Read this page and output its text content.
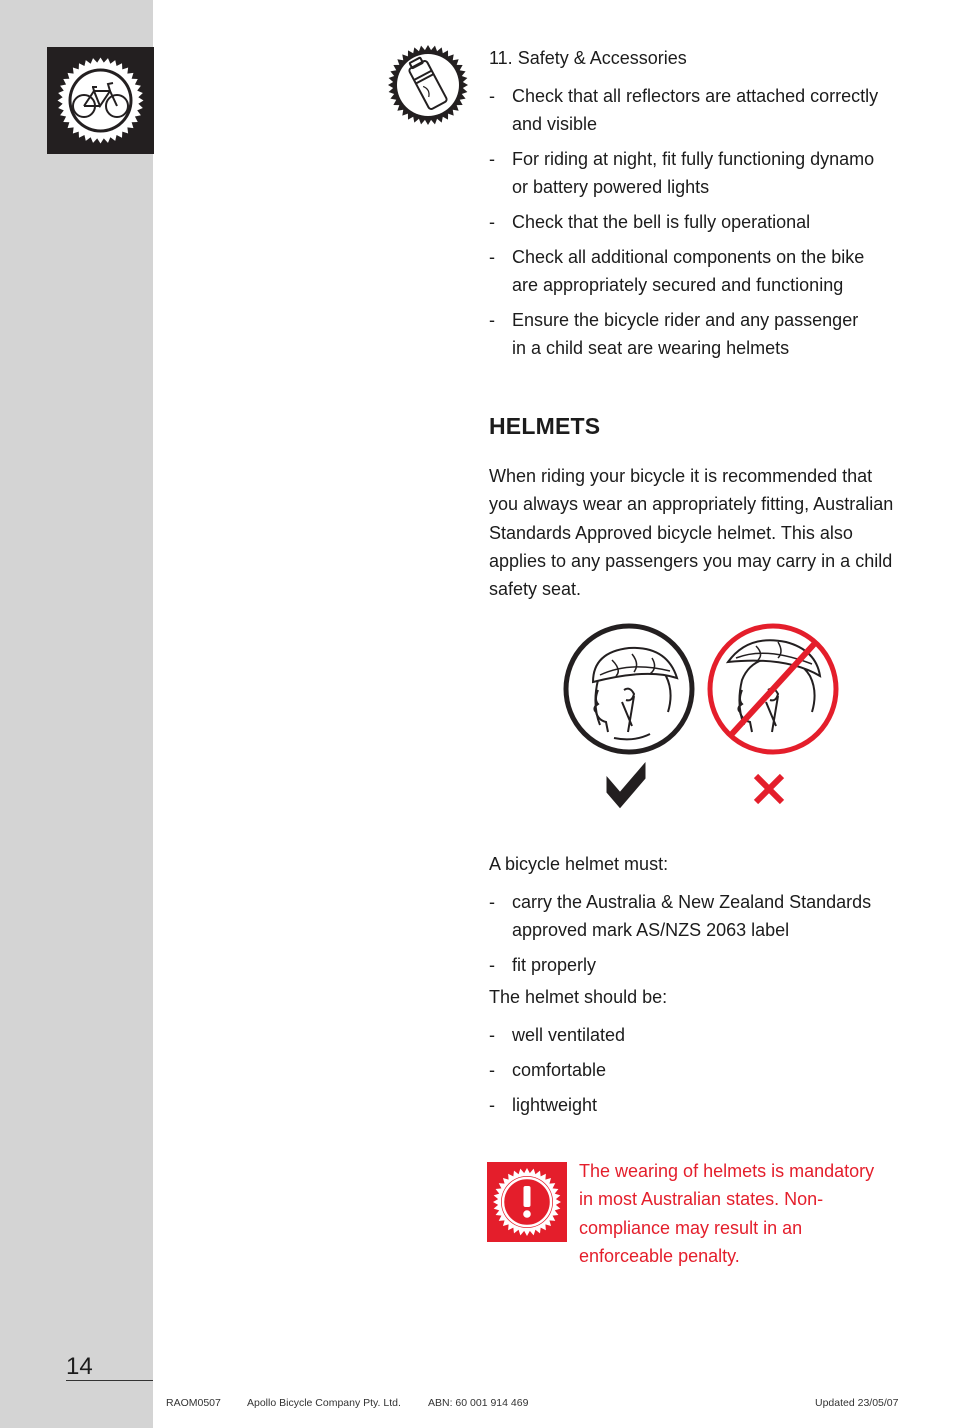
11. Safety & Accessories

- Check that all reflectors are attached correctly
and visible
- For riding at night, fit fully functioning dynamo
or battery powered lights
- Check that the bell is fully operational
- Check all additional components on the bike
are appropriately secured and functioning
- Ensure the bicycle rider and any passenger
in a child seat are wearing helmets
HELMETS

When riding your bicycle it is recommended that
you always wear an appropriately fitting, Australian
Standards Approved bicycle helmet. This also
applies to any passengers you may carry in a child
safety seat.

A bicycle helmet must:

- carry the Australia & New Zealand Standards
approved mark AS/NZS 2063 label
- fit properly

The helmet should be:

- well ventilated
- comfortable
- lightweight
The wearing of helmets is mandatory
in most Australian states. Non-
compliance may result in an
enforceable penalty.
14
RAOM0507 Apollo Bicycle Company Pty. Ltd.	ABN: 60 001 914 469	Updated 23/05/07
